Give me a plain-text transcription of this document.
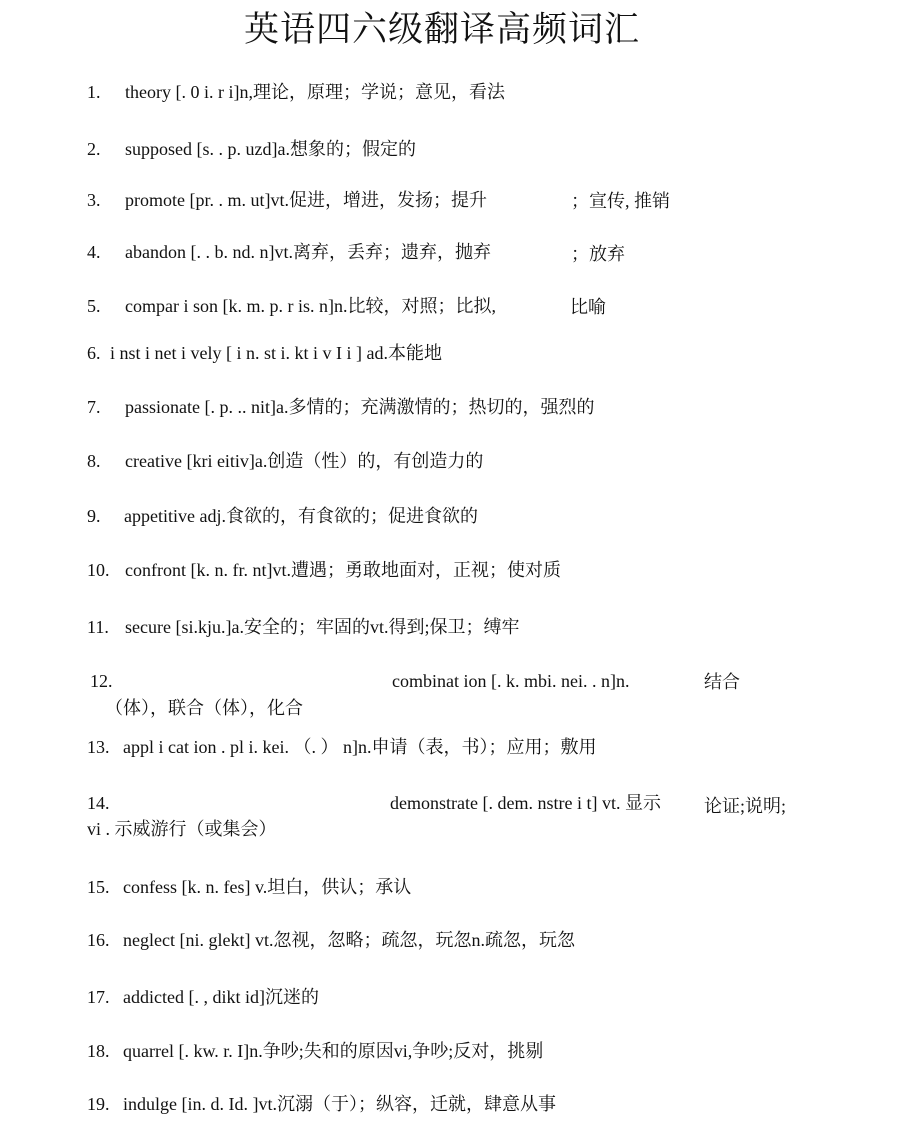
英语四六级翻译高频词汇
1. theory [. 0 i. r i]n,理论，原理；学说；意见，看法
2. supposed [s. . p. uzd]a.想象的；假定的
3. promote [pr. . m. ut]vt.促进，增进，发扬；提升	；宣传, 推销
4. abandon [. . b. nd. n]vt.离弃，丢弃；遗弃，抛弃	；放弃
5. compar i son [k. m. p. r is. n]n.比较，对照；比拟,	比喻
6. i nst i net i vely [ i n. st i. kt i v I i ] ad.本能地
7. passionate [. p. .. nit]a.多情的；充满激情的；热切的，强烈的
8. creative [kri eitiv]a.创造（性）的，有创造力的
9. appetitive adj.食欲的，有食欲的；促进食欲的
10. confront [k. n. fr. nt]vt.遭遇；勇敢地面对，正视；使对质
11. secure [si.kju.]a.安全的；牢固的vt.得到;保卫；缚牢
12.	combinat ion [. k. mbi. nei. . n]n.	结合
（体），联合（体），化合
13. appl i cat ion . pl i. kei. （. ） n]n.申请（表，书）；应用；敷用
14.	demonstrate [. dem. nstre i t] vt. 显示 论证;说明;
vi . 示威游行（或集会）
15. confess [k. n. fes] v.坦白，供认；承认
16. neglect [ni. glekt] vt.忽视，忽略；疏忽，玩忽n.疏忽，玩忽
17. addicted [. , dikt id]沉迷的
18. quarrel [. kw. r. I]n.争吵;失和的原因vi,争吵;反对，挑剔
19. indulge [in. d. Id. ]vt.沉溺（于）；纵容，迁就，肆意从事
